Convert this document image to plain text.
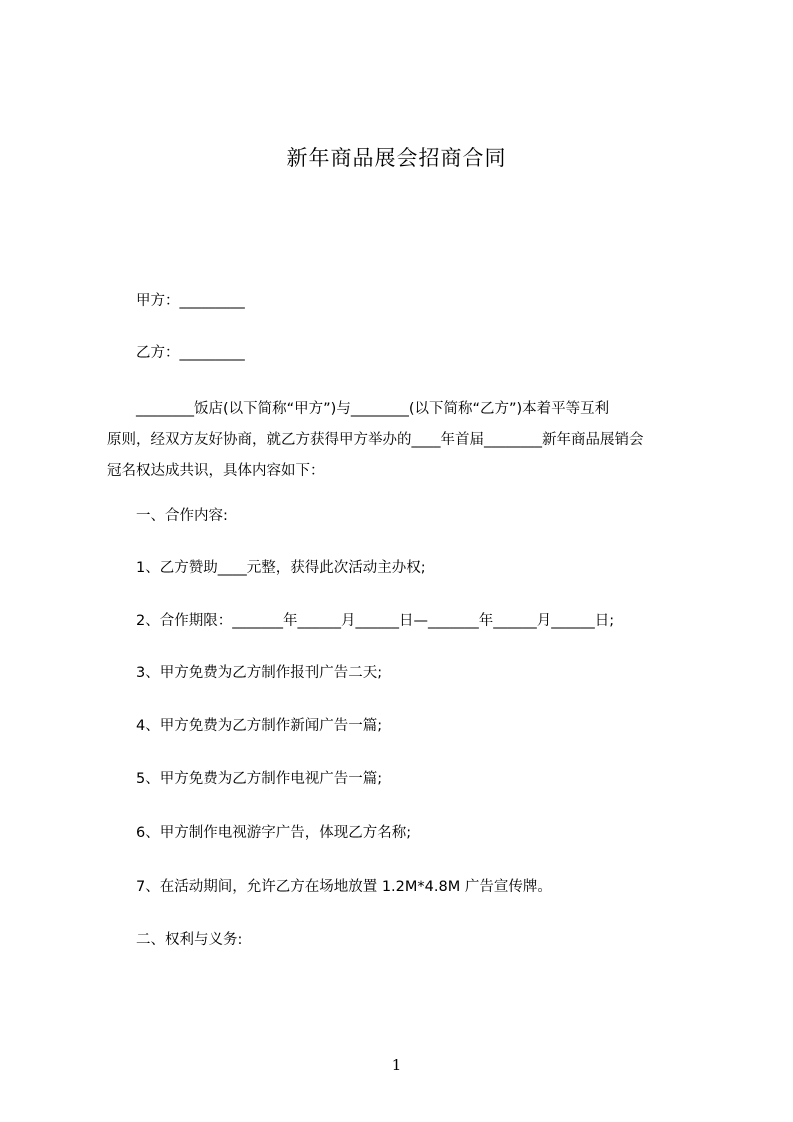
新年商品展会招商合同
甲方：_________
乙方：_________
________饭店(以下简称“甲方”)与________(以下简称“乙方”)本着平等互利
原则，经双方友好协商，就乙方获得甲方举办的____年首届________新年商品展销会
冠名权达成共识，具体内容如下：
一、合作内容:
1、乙方赞助____元整，获得此次活动主办权;
2、合作期限：_______年______月______日—_______年______月______日;
3、甲方免费为乙方制作报刊广告二天;
4、甲方免费为乙方制作新闻广告一篇;
5、甲方免费为乙方制作电视广告一篇;
6、甲方制作电视游字广告，体现乙方名称;
7、在活动期间，允许乙方在场地放置 1.2M*4.8M 广告宣传牌。
二、权利与义务:
1
